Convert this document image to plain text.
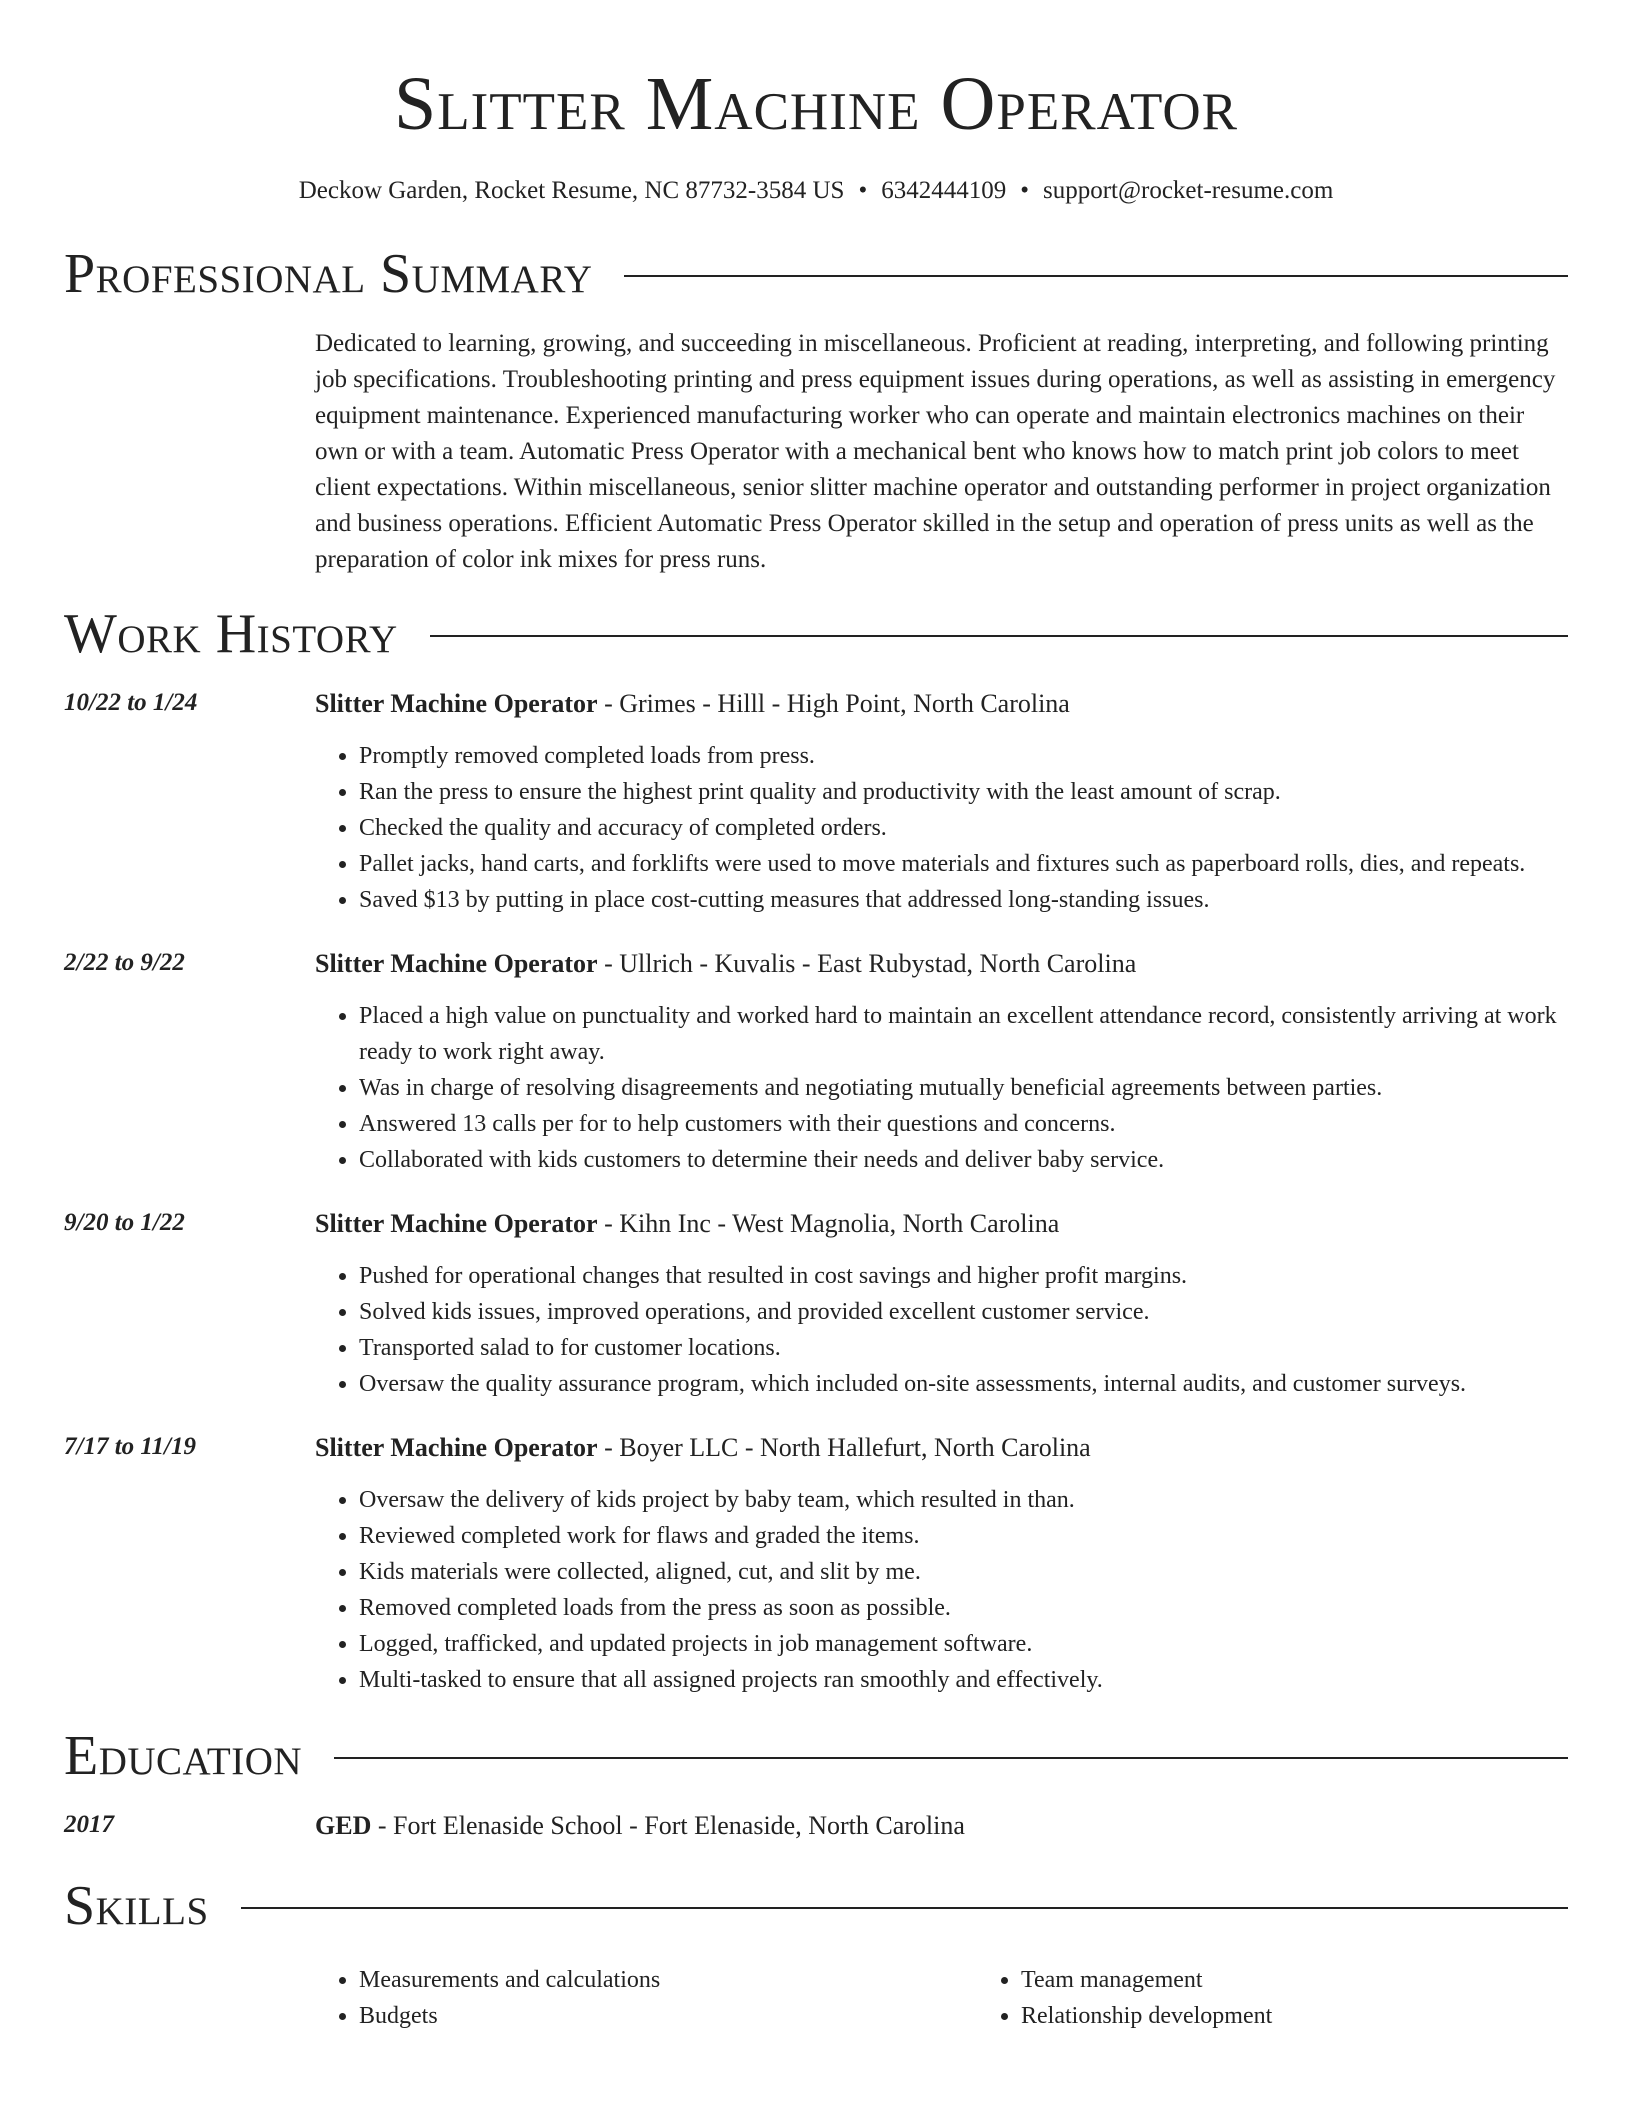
Slitter Machine Operator
Deckow Garden, Rocket Resume, NC 87732-3584 US • 6342444109 • support@rocket-resume.com
Professional Summary
Dedicated to learning, growing, and succeeding in miscellaneous. Proficient at reading, interpreting, and following printing job specifications. Troubleshooting printing and press equipment issues during operations, as well as assisting in emergency equipment maintenance. Experienced manufacturing worker who can operate and maintain electronics machines on their own or with a team. Automatic Press Operator with a mechanical bent who knows how to match print job colors to meet client expectations. Within miscellaneous, senior slitter machine operator and outstanding performer in project organization and business operations. Efficient Automatic Press Operator skilled in the setup and operation of press units as well as the preparation of color ink mixes for press runs.
Work History
10/22 to 1/24	Slitter Machine Operator - Grimes - Hilll - High Point, North Carolina
• Promptly removed completed loads from press.
• Ran the press to ensure the highest print quality and productivity with the least amount of scrap.
• Checked the quality and accuracy of completed orders.
• Pallet jacks, hand carts, and forklifts were used to move materials and fixtures such as paperboard rolls, dies, and repeats.
• Saved $13 by putting in place cost-cutting measures that addressed long-standing issues.
2/22 to 9/22	Slitter Machine Operator - Ullrich - Kuvalis - East Rubystad, North Carolina
• Placed a high value on punctuality and worked hard to maintain an excellent attendance record, consistently arriving at work ready to work right away.
• Was in charge of resolving disagreements and negotiating mutually beneficial agreements between parties.
• Answered 13 calls per for to help customers with their questions and concerns.
• Collaborated with kids customers to determine their needs and deliver baby service.
9/20 to 1/22	Slitter Machine Operator - Kihn Inc - West Magnolia, North Carolina
• Pushed for operational changes that resulted in cost savings and higher profit margins.
• Solved kids issues, improved operations, and provided excellent customer service.
• Transported salad to for customer locations.
• Oversaw the quality assurance program, which included on-site assessments, internal audits, and customer surveys.
7/17 to 11/19	Slitter Machine Operator - Boyer LLC - North Hallefurt, North Carolina
• Oversaw the delivery of kids project by baby team, which resulted in than.
• Reviewed completed work for flaws and graded the items.
• Kids materials were collected, aligned, cut, and slit by me.
• Removed completed loads from the press as soon as possible.
• Logged, trafficked, and updated projects in job management software.
• Multi-tasked to ensure that all assigned projects ran smoothly and effectively.
Education
2017	GED - Fort Elenaside School - Fort Elenaside, North Carolina
Skills
• Measurements and calculations
• Budgets
• Team management
• Relationship development
